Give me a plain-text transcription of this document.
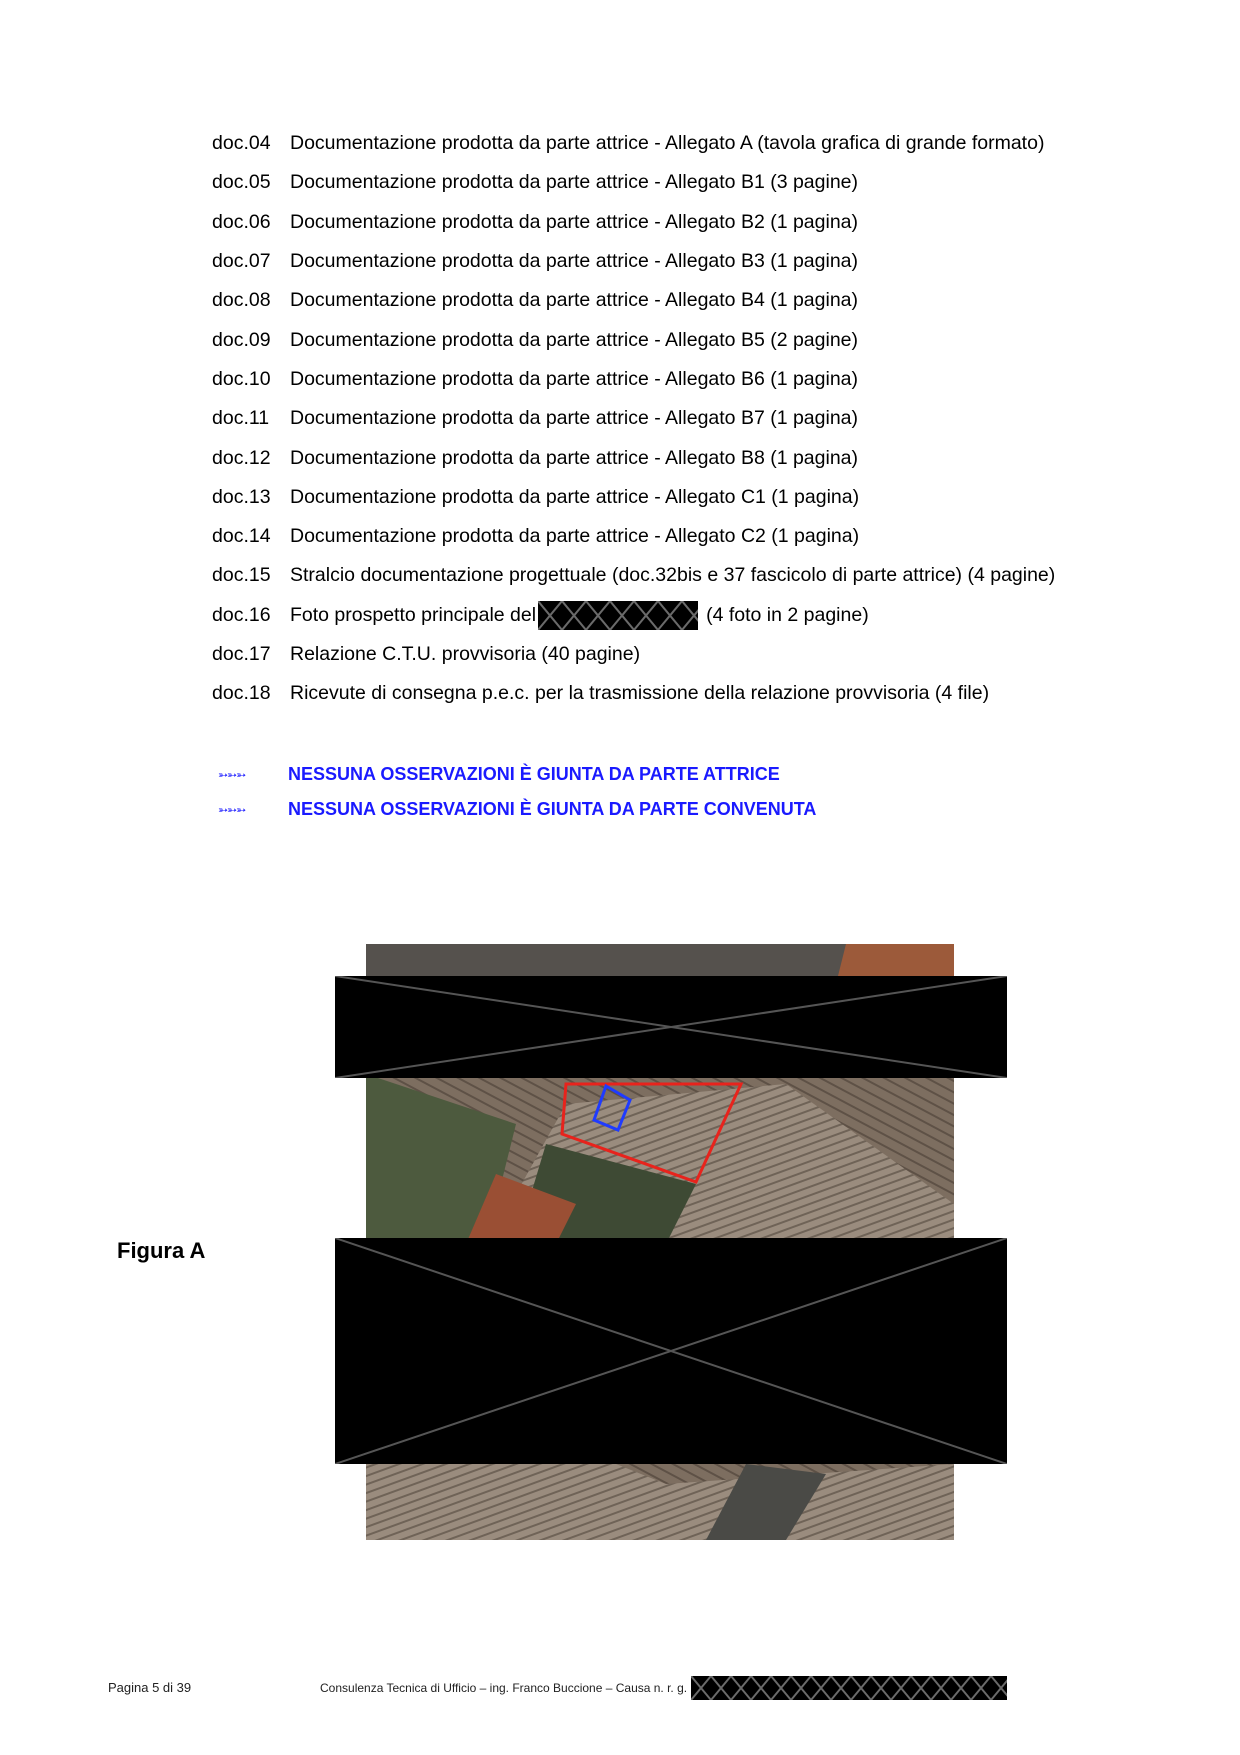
doc.04 Documentazione prodotta da parte attrice - Allegato A (tavola grafica di grande formato)
doc.05 Documentazione prodotta da parte attrice - Allegato B1 (3 pagine)
doc.06 Documentazione prodotta da parte attrice - Allegato B2 (1 pagina)
doc.07 Documentazione prodotta da parte attrice - Allegato B3 (1 pagina)
doc.08 Documentazione prodotta da parte attrice - Allegato B4 (1 pagina)
doc.09 Documentazione prodotta da parte attrice - Allegato B5 (2 pagine)
doc.10 Documentazione prodotta da parte attrice - Allegato B6 (1 pagina)
doc.11	Documentazione prodotta da parte attrice - Allegato B7 (1 pagina)
doc.12 Documentazione prodotta da parte attrice - Allegato B8 (1 pagina)
doc.13 Documentazione prodotta da parte attrice - Allegato C1 (1 pagina)
doc.14 Documentazione prodotta da parte attrice - Allegato C2 (1 pagina)
doc.15 Stralcio documentazione progettuale (doc.32bis e 37 fascicolo di parte attrice) (4 pagine)
doc.16 Foto prospetto principale del	(4 foto in 2 pagine)
doc.17 Relazione C.T.U. provvisoria (40 pagine)
doc.18 Ricevute di consegna p.e.c. per la trasmissione della relazione provvisoria (4 file)
➳➳➳	NESSUNA OSSERVAZIONI È GIUNTA DA PARTE ATTRICE
➳➳➳	NESSUNA OSSERVAZIONI È GIUNTA DA PARTE CONVENUTA
Figura A
Pagina 5 di 39	Consulenza Tecnica di Ufficio – ing. Franco Buccione – Causa n. r. g.
